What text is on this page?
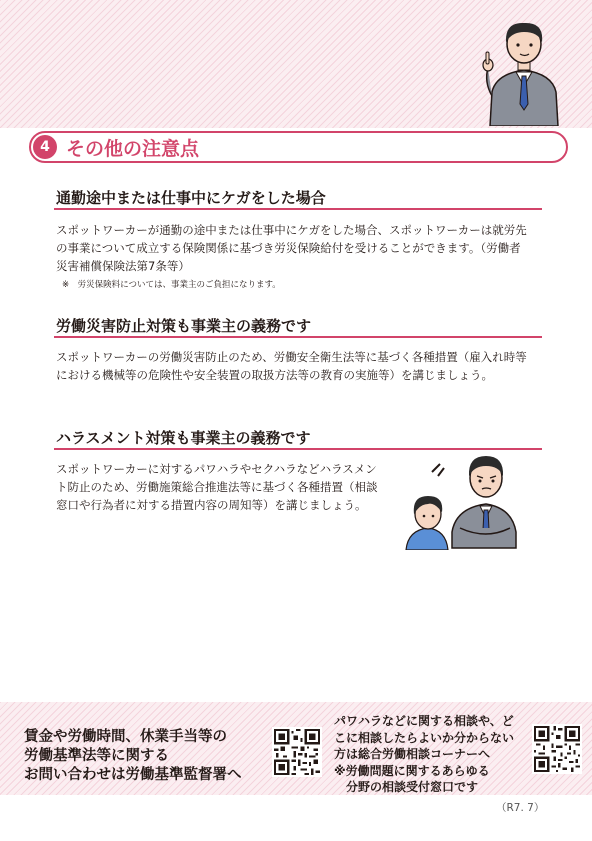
4 その他の注意点
通勤途中または仕事中にケガをした場合
スポットワーカーが通勤の途中または仕事中にケガをした場合、スポットワーカーは就労先
の事業について成立する保険関係に基づき労災保険給付を受けることができます。（労働者
災害補償保険法第7条等）
※　労災保険料については、事業主のご負担になります。
労働災害防止対策も事業主の義務です
スポットワーカーの労働災害防止のため、労働安全衛生法等に基づく各種措置（雇入れ時等
における機械等の危険性や安全装置の取扱方法等の教育の実施等）を講じましょう。
ハラスメント対策も事業主の義務です
スポットワーカーに対するパワハラやセクハラなどハラスメン
ト防止のため、労働施策総合推進法等に基づく各種措置（相談
窓口や行為者に対する措置内容の周知等）を講じましょう。
賃金や労働時間、休業手当等の
労働基準法等に関する
お問い合わせは労働基準監督署へ
パワハラなどに関する相談や、ど
こに相談したらよいか分からない
方は総合労働相談コーナーへ
※労働問題に関するあらゆる
分野の相談受付窓口です
（R7. 7）
